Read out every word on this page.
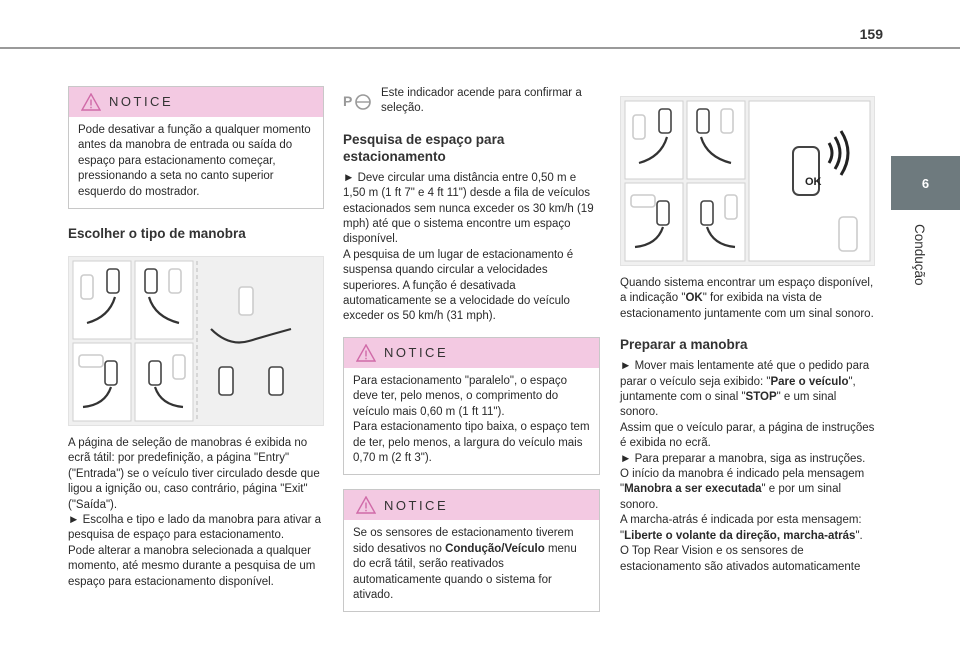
159
6
Condução
NOTICE

Pode desativar a função a qualquer momento antes da manobra de entrada ou saída do espaço para estacionamento começar, pressionando a seta no canto superior esquerdo do mostrador.

Escolher o tipo de manobra

A página de seleção de manobras é exibida no ecrã tátil: por predefinição, a página "Entry" ("Entrada") se o veículo tiver circulado desde que ligou a ignição ou, caso contrário, página "Exit" ("Saída").

► Escolha e tipo e lado da manobra para ativar a pesquisa de espaço para estacionamento.

Pode alterar a manobra selecionada a qualquer momento, até mesmo durante a pesquisa de um espaço para estacionamento disponível.

P Este indicador acende para confirmar a seleção.

Pesquisa de espaço para estacionamento

► Deve circular uma distância entre 0,50 m e 1,50 m (1 ft 7" e 4 ft 11") desde a fila de veículos estacionados sem nunca exceder os 30 km/h (19 mph) até que o sistema encontre um espaço disponível.

A pesquisa de um lugar de estacionamento é suspensa quando circular a velocidades superiores. A função é desativada automaticamente se a velocidade do veículo exceder os 50 km/h (31 mph).

NOTICE

Para estacionamento "paralelo", o espaço deve ter, pelo menos, o comprimento do veículo mais 0,60 m (1 ft 11").

Para estacionamento tipo baixa, o espaço tem de ter, pelo menos, a largura do veículo mais 0,70 m (2 ft 3").

NOTICE

Se os sensores de estacionamento tiverem sido desativos no Condução/Veículo menu do ecrã tátil, serão reativados automaticamente quando o sistema for ativado.

OK

Quando sistema encontrar um espaço disponível, a indicação "OK" for exibida na vista de estacionamento juntamente com um sinal sonoro.

Preparar a manobra

► Mover mais lentamente até que o pedido para parar o veículo seja exibido: "Pare o veículo", juntamente com o sinal "STOP" e um sinal sonoro.

Assim que o veículo parar, a página de instruções é exibida no ecrã.

► Para preparar a manobra, siga as instruções.

O início da manobra é indicado pela mensagem "Manobra a ser executada" e por um sinal sonoro.

A marcha-atrás é indicada por esta mensagem: "Liberte o volante da direção, marcha-atrás".

O Top Rear Vision e os sensores de estacionamento são ativados automaticamente
